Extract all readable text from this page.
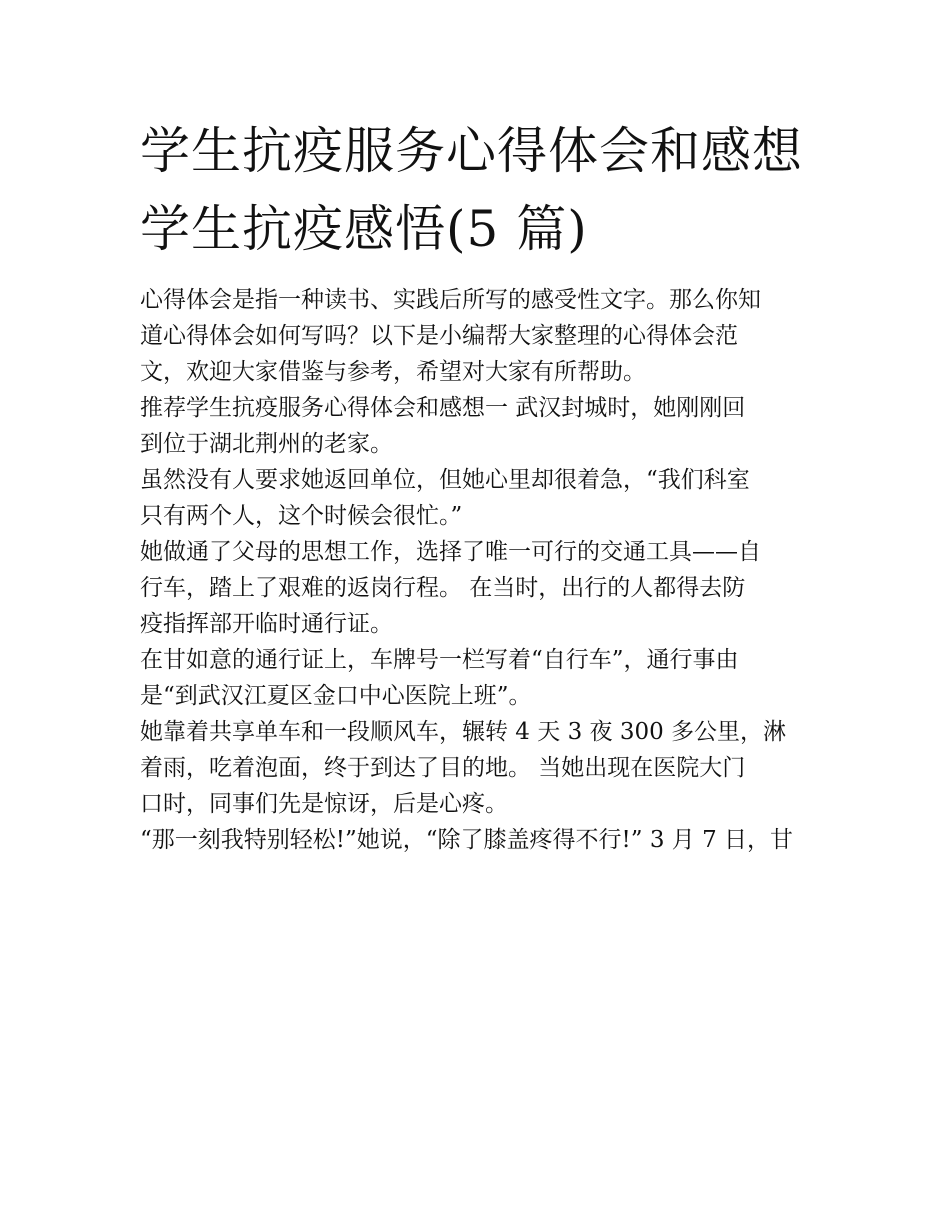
学生抗疫服务心得体会和感想
学生抗疫感悟(5 篇)

心得体会是指一种读书、实践后所写的感受性文字。那么你知
道心得体会如何写吗？以下是小编帮大家整理的心得体会范
文，欢迎大家借鉴与参考，希望对大家有所帮助。

推荐学生抗疫服务心得体会和感想一 武汉封城时，她刚刚回
到位于湖北荆州的老家。

虽然没有人要求她返回单位，但她心里却很着急，“我们科室
只有两个人，这个时候会很忙。”

她做通了父母的思想工作，选择了唯一可行的交通工具——自
行车，踏上了艰难的返岗行程。 在当时，出行的人都得去防
疫指挥部开临时通行证。

在甘如意的通行证上，车牌号一栏写着“自行车”，通行事由
是“到武汉江夏区金口中心医院上班”。

她靠着共享单车和一段顺风车，辗转 4 天 3 夜 300 多公里，淋
着雨，吃着泡面，终于到达了目的地。 当她出现在医院大门
口时，同事们先是惊讶，后是心疼。

“那一刻我特别轻松!”她说，“除了膝盖疼得不行!” 3 月 7 日，甘
